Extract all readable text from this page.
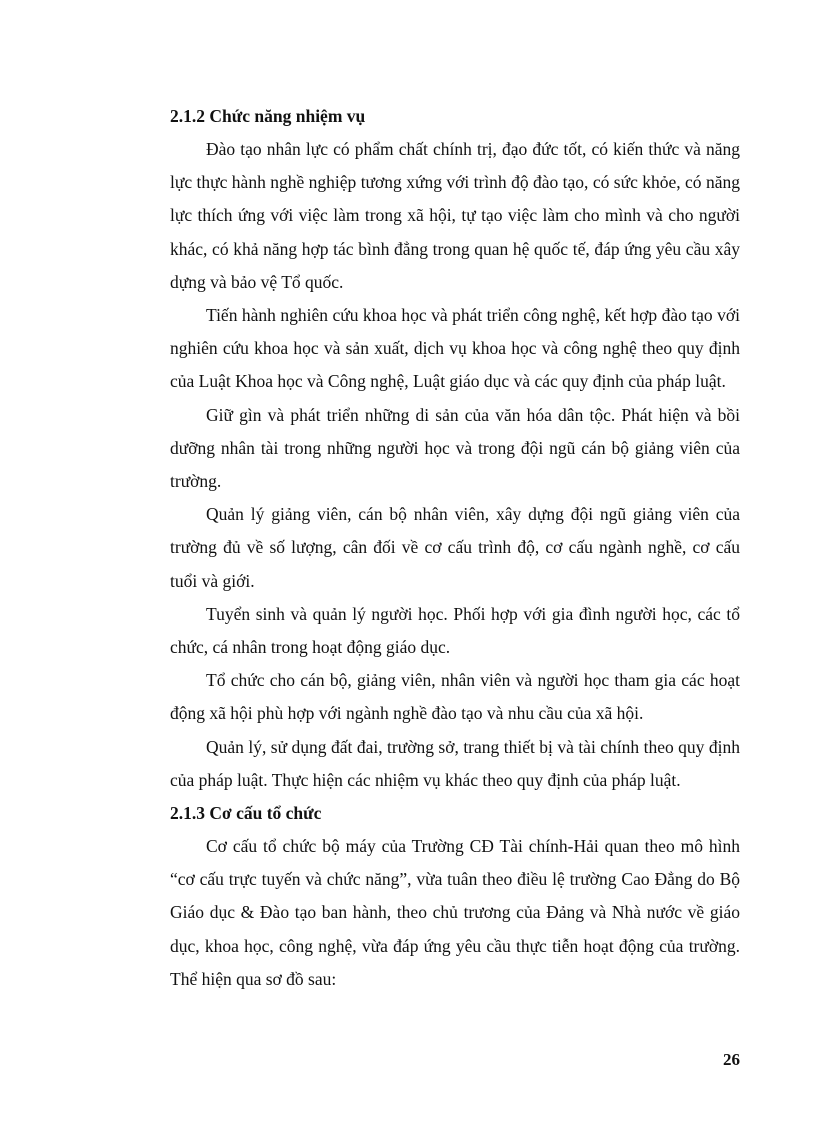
2.1.2 Chức năng nhiệm vụ

Đào tạo nhân lực có phẩm chất chính trị, đạo đức tốt, có kiến thức và năng lực thực hành nghề nghiệp tương xứng với trình độ đào tạo, có sức khỏe, có năng lực thích ứng với việc làm trong xã hội, tự tạo việc làm cho mình và cho người khác, có khả năng hợp tác bình đẳng trong quan hệ quốc tế, đáp ứng yêu cầu xây dựng và bảo vệ Tổ quốc.

Tiến hành nghiên cứu khoa học và phát triển công nghệ, kết hợp đào tạo với nghiên cứu khoa học và sản xuất, dịch vụ khoa học và công nghệ theo quy định của Luật Khoa học và Công nghệ, Luật giáo dục và các quy định của pháp luật.

Giữ gìn và phát triển những di sản của văn hóa dân tộc. Phát hiện và bồi dưỡng nhân tài trong những người học và trong đội ngũ cán bộ giảng viên của trường.

Quản lý giảng viên, cán bộ nhân viên, xây dựng đội ngũ giảng viên của trường đủ về số lượng, cân đối về cơ cấu trình độ, cơ cấu ngành nghề, cơ cấu tuổi và giới.

Tuyển sinh và quản lý người học. Phối hợp với gia đình người học, các tổ chức, cá nhân trong hoạt động giáo dục.

Tổ chức cho cán bộ, giảng viên, nhân viên và người học tham gia các hoạt động xã hội phù hợp với ngành nghề đào tạo và nhu cầu của xã hội.

Quản lý, sử dụng đất đai, trường sở, trang thiết bị và tài chính theo quy định của pháp luật. Thực hiện các nhiệm vụ khác theo quy định của pháp luật.

2.1.3 Cơ cấu tổ chức

Cơ cấu tổ chức bộ máy của Trường CĐ Tài chính-Hải quan theo mô hình “cơ cấu trực tuyến và chức năng”, vừa tuân theo điều lệ trường Cao Đẳng do Bộ Giáo dục & Đào tạo ban hành, theo chủ trương của Đảng và Nhà nước về giáo dục, khoa học, công nghệ, vừa đáp ứng yêu cầu thực tiễn hoạt động của trường. Thể hiện qua sơ đồ sau:

26
